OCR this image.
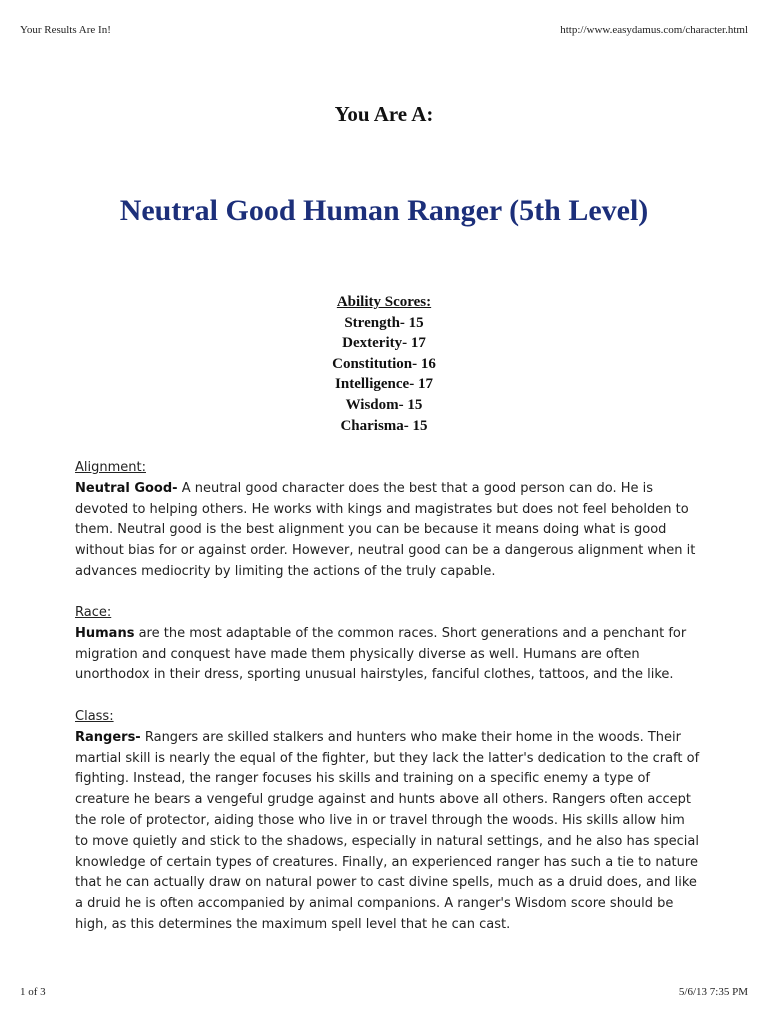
Your Results Are In!	http://www.easydamus.com/character.html
You Are A:
Neutral Good Human Ranger (5th Level)
Ability Scores:
Strength- 15
Dexterity- 17
Constitution- 16
Intelligence- 17
Wisdom- 15
Charisma- 15
Alignment:

Neutral Good- A neutral good character does the best that a good person can do. He is devoted to helping others. He works with kings and magistrates but does not feel beholden to them. Neutral good is the best alignment you can be because it means doing what is good without bias for or against order. However, neutral good can be a dangerous alignment when it advances mediocrity by limiting the actions of the truly capable.

Race:

Humans are the most adaptable of the common races. Short generations and a penchant for migration and conquest have made them physically diverse as well. Humans are often unorthodox in their dress, sporting unusual hairstyles, fanciful clothes, tattoos, and the like.

Class:

Rangers- Rangers are skilled stalkers and hunters who make their home in the woods. Their martial skill is nearly the equal of the fighter, but they lack the latter's dedication to the craft of fighting. Instead, the ranger focuses his skills and training on a specific enemy a type of creature he bears a vengeful grudge against and hunts above all others. Rangers often accept the role of protector, aiding those who live in or travel through the woods. His skills allow him to move quietly and stick to the shadows, especially in natural settings, and he also has special knowledge of certain types of creatures. Finally, an experienced ranger has such a tie to nature that he can actually draw on natural power to cast divine spells, much as a druid does, and like a druid he is often accompanied by animal companions. A ranger's Wisdom score should be high, as this determines the maximum spell level that he can cast.

1 of 3	5/6/13 7:35 PM
